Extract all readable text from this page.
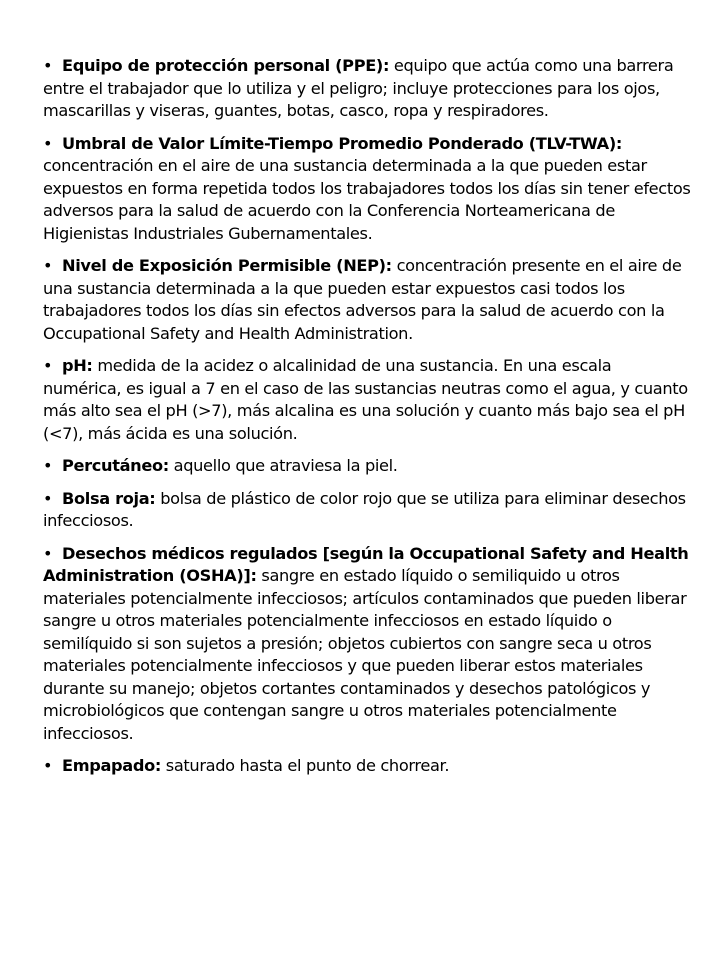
• Equipo de protección personal (PPE): equipo que actúa como una barrera entre el trabajador que lo utiliza y el peligro; incluye protecciones para los ojos, mascarillas y viseras, guantes, botas, casco, ropa y respiradores.

• Umbral de Valor Límite-Tiempo Promedio Ponderado (TLV-TWA): concentración en el aire de una sustancia determinada a la que pueden estar expuestos en forma repetida todos los trabajadores todos los días sin tener efectos adversos para la salud de acuerdo con la Conferencia Norteamericana de Higienistas Industriales Gubernamentales.

• Nivel de Exposición Permisible (NEP): concentración presente en el aire de una sustancia determinada a la que pueden estar expuestos casi todos los trabajadores todos los días sin efectos adversos para la salud de acuerdo con la Occupational Safety and Health Administration.

• pH: medida de la acidez o alcalinidad de una sustancia. En una escala numérica, es igual a 7 en el caso de las sustancias neutras como el agua, y cuanto más alto sea el pH (>7), más alcalina es una solución y cuanto más bajo sea el pH (<7), más ácida es una solución.

• Percutáneo: aquello que atraviesa la piel.

• Bolsa roja: bolsa de plástico de color rojo que se utiliza para eliminar desechos infecciosos.

• Desechos médicos regulados [según la Occupational Safety and Health Administration (OSHA)]: sangre en estado líquido o semiliquido u otros materiales potencialmente infecciosos; artículos contaminados que pueden liberar sangre u otros materiales potencialmente infecciosos en estado líquido o semilíquido si son sujetos a presión; objetos cubiertos con sangre seca u otros materiales potencialmente infecciosos y que pueden liberar estos materiales durante su manejo; objetos cortantes contaminados y desechos patológicos y microbiológicos que contengan sangre u otros materiales potencialmente infecciosos.

• Empapado: saturado hasta el punto de chorrear.
